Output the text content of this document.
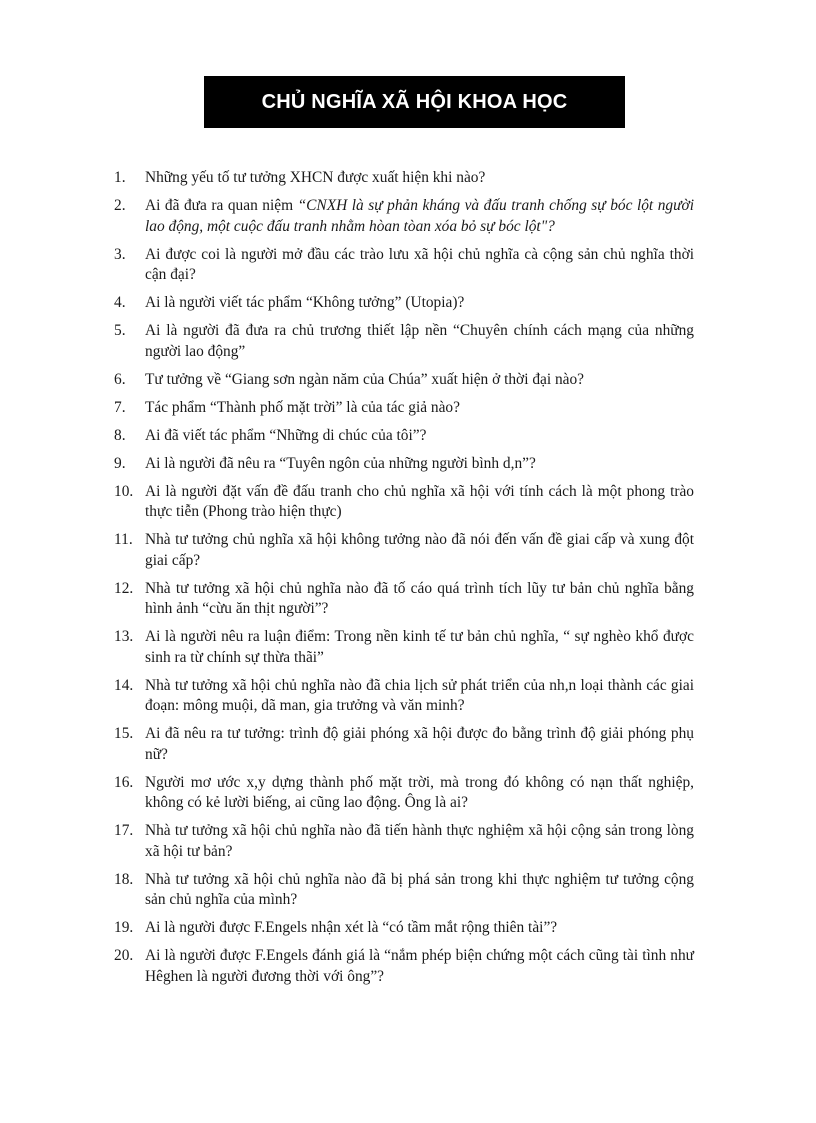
CHỦ NGHĨA XÃ HỘI KHOA HỌC
1.	Những yếu tố tư tưởng XHCN được xuất hiện khi nào?
2.	Ai đã đưa ra quan niệm “CNXH là sự phản kháng và đấu tranh chống sự bóc lột người lao động, một cuộc đấu tranh nhằm hòan tòan xóa bỏ sự bóc lột"?
3.	Ai được coi là người mở đầu các trào lưu xã hội chủ nghĩa cà cộng sản chủ nghĩa thời cận đại?
4.	Ai là người viết tác phẩm “Không tưởng” (Utopia)?
5.	Ai là người đã đưa ra chủ trương thiết lập nền “Chuyên chính cách mạng của những người lao động”
6.	Tư tưởng về “Giang sơn ngàn năm của Chúa” xuất hiện ở thời đại nào?
7.	Tác phẩm “Thành phố mặt trời” là của tác giả nào?
8.	Ai đã viết tác phẩm “Những di chúc của tôi”?
9.	Ai là người đã nêu ra “Tuyên ngôn của những người bình d,n”?
10. Ai là người đặt vấn đề đấu tranh cho chủ nghĩa xã hội với tính cách là một phong trào thực tiễn (Phong trào hiện thực)
11. Nhà tư tưởng chủ nghĩa xã hội không tưởng nào đã nói đến vấn đề giai cấp và xung đột giai cấp?
12. Nhà tư tưởng xã hội chủ nghĩa nào đã tố cáo quá trình tích lũy tư bản chủ nghĩa bằng hình ảnh “cừu ăn thịt người”?
13. Ai là người nêu ra luận điểm: Trong nền kinh tế tư bản chủ nghĩa, “ sự nghèo khổ được sinh ra từ chính sự thừa thãi”
14. Nhà tư tưởng xã hội chủ nghĩa nào đã chia lịch sử phát triển của nh,n loại thành các giai đoạn: mông muội, dã man, gia trưởng và văn minh?
15. Ai đã nêu ra tư tưởng: trình độ giải phóng xã hội được đo bằng trình độ giải phóng phụ nữ?
16. Người mơ ước x,y dựng thành phố mặt trời, mà trong đó không có nạn thất nghiệp, không có kẻ lười biếng, ai cũng lao động. Ông là ai?
17. Nhà tư tưởng xã hội chủ nghĩa nào đã tiến hành thực nghiệm xã hội cộng sản trong lòng xã hội tư bản?
18. Nhà tư tưởng xã hội chủ nghĩa nào đã bị phá sản trong khi thực nghiệm tư tưởng cộng sản chủ nghĩa của mình?
19. Ai là người được F.Engels nhận xét là “có tầm mắt rộng thiên tài”?
20. Ai là người được F.Engels đánh giá là “nắm phép biện chứng một cách cũng tài tình như Hêghen là người đương thời với ông”?
